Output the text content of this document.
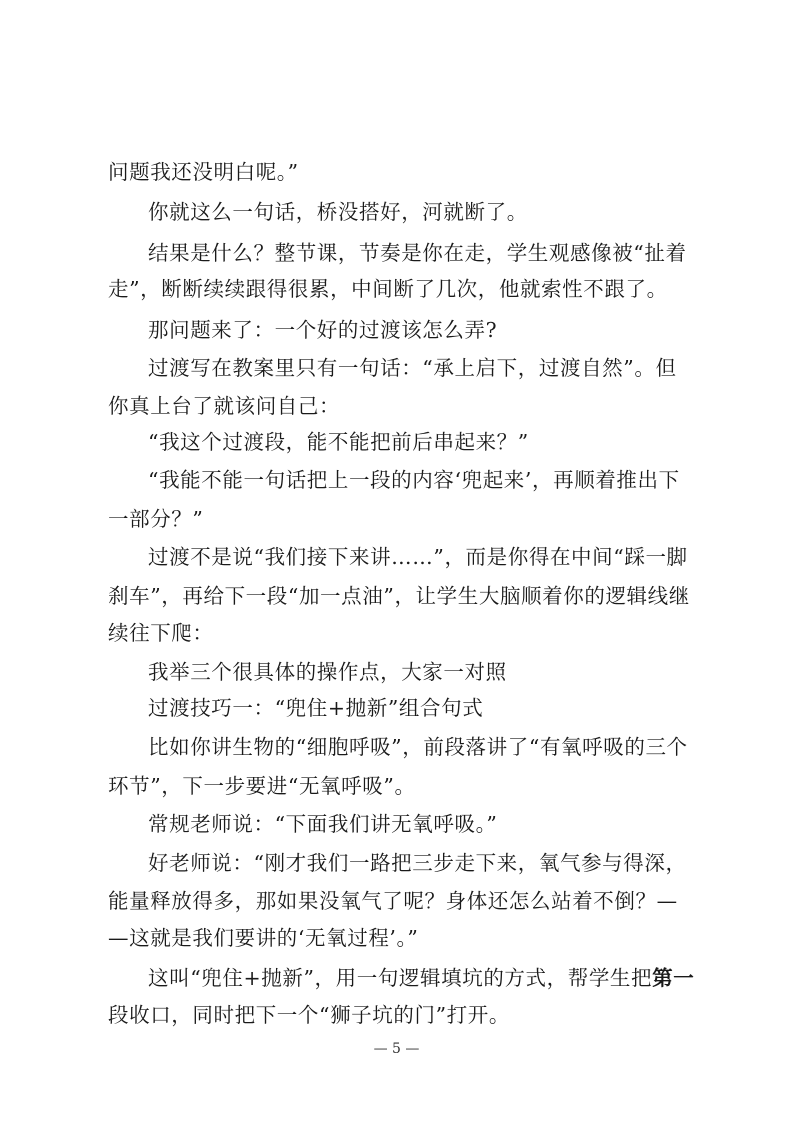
问题我还没明白呢。”
你就这么一句话，桥没搭好，河就断了。
结果是什么？整节课，节奏是你在走，学生观感像被“扯着
走”，断断续续跟得很累，中间断了几次，他就索性不跟了。
那问题来了：一个好的过渡该怎么弄?
过渡写在教案里只有一句话：“承上启下，过渡自然”。但
你真上台了就该问自己：
“我这个过渡段，能不能把前后串起来？”
“我能不能一句话把上一段的内容‘兜起来’，再顺着推出下
一部分？”
过渡不是说“我们接下来讲……”，而是你得在中间“踩一脚
刹车”，再给下一段“加一点油”，让学生大脑顺着你的逻辑线继
续往下爬：
我举三个很具体的操作点，大家一对照
过渡技巧一：“兜住+抛新”组合句式
比如你讲生物的“细胞呼吸”，前段落讲了“有氧呼吸的三个
环节”，下一步要进“无氧呼吸”。
常规老师说：“下面我们讲无氧呼吸。”
好老师说：“刚才我们一路把三步走下来，氧气参与得深，
能量释放得多，那如果没氧气了呢？身体还怎么站着不倒？—
—这就是我们要讲的‘无氧过程’。”
这叫“兜住+抛新”，用一句逻辑填坑的方式，帮学生把第一
段收口，同时把下一个“狮子坑的门”打开。
— 5 —
